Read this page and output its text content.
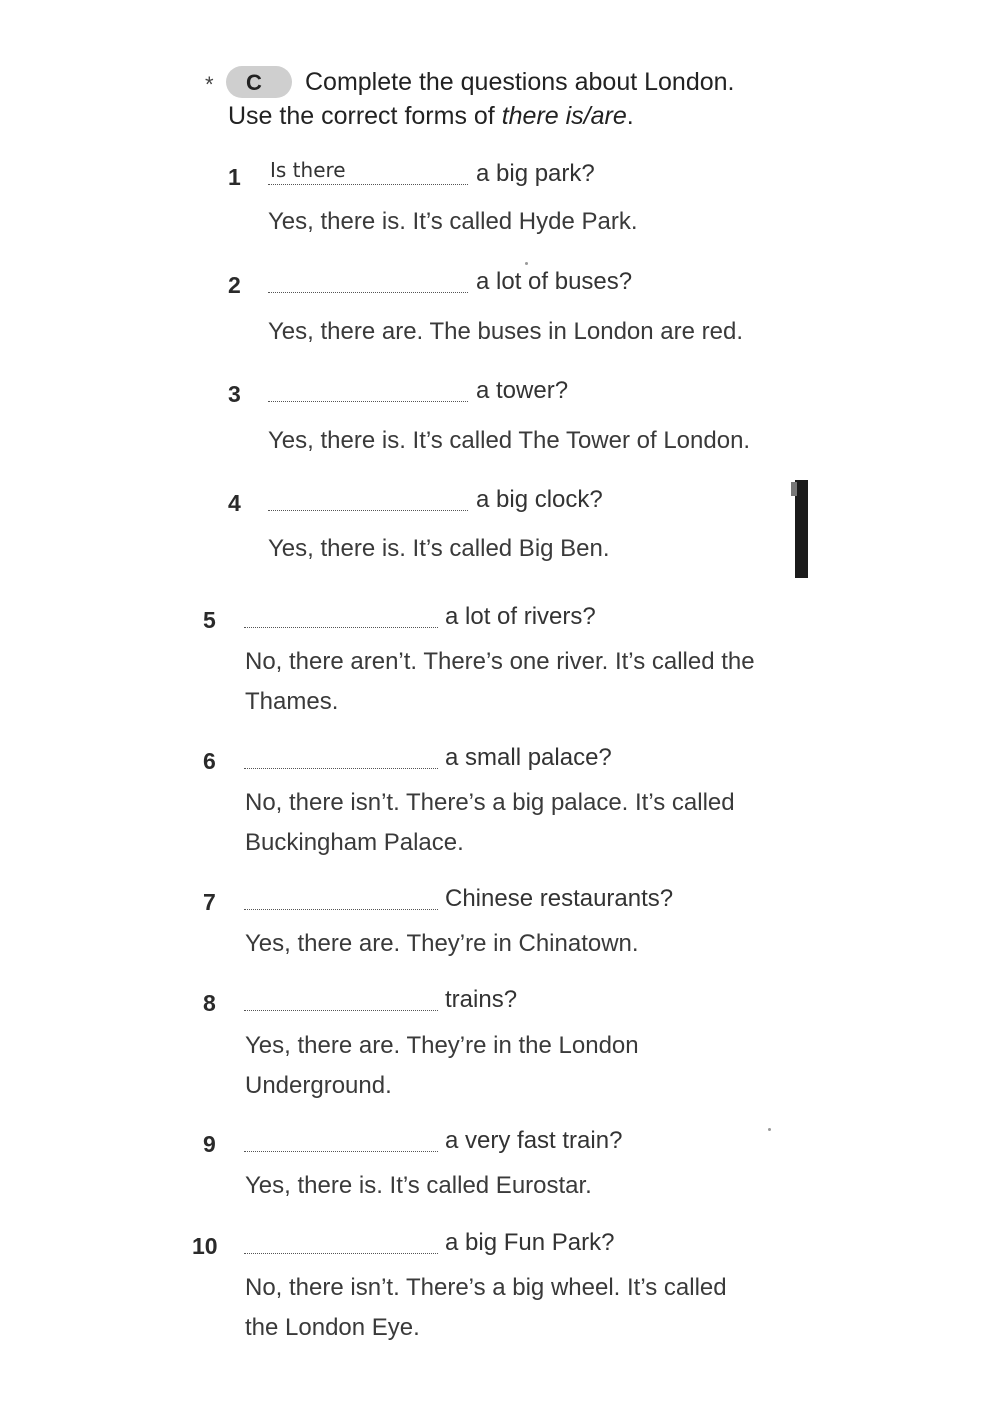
* C Complete the questions about London.
Use the correct forms of there is/are.
1 Is there	a big park?
Yes, there is. It’s called Hyde Park.
2	a lot of buses?
Yes, there are. The buses in London are red.
3	a tower?
Yes, there is. It’s called The Tower of London.
4	a big clock?
Yes, there is. It’s called Big Ben.
5	a lot of rivers?
No, there aren’t. There’s one river. It’s called the
Thames.
6	a small palace?
No, there isn’t. There’s a big palace. It’s called
Buckingham Palace.
7	Chinese restaurants?
Yes, there are. They’re in Chinatown.
8	trains?
Yes, there are. They’re in the London
Underground.
9	a very fast train?
Yes, there is. It’s called Eurostar.
10	a big Fun Park?
No, there isn’t. There’s a big wheel. It’s called
the London Eye.
